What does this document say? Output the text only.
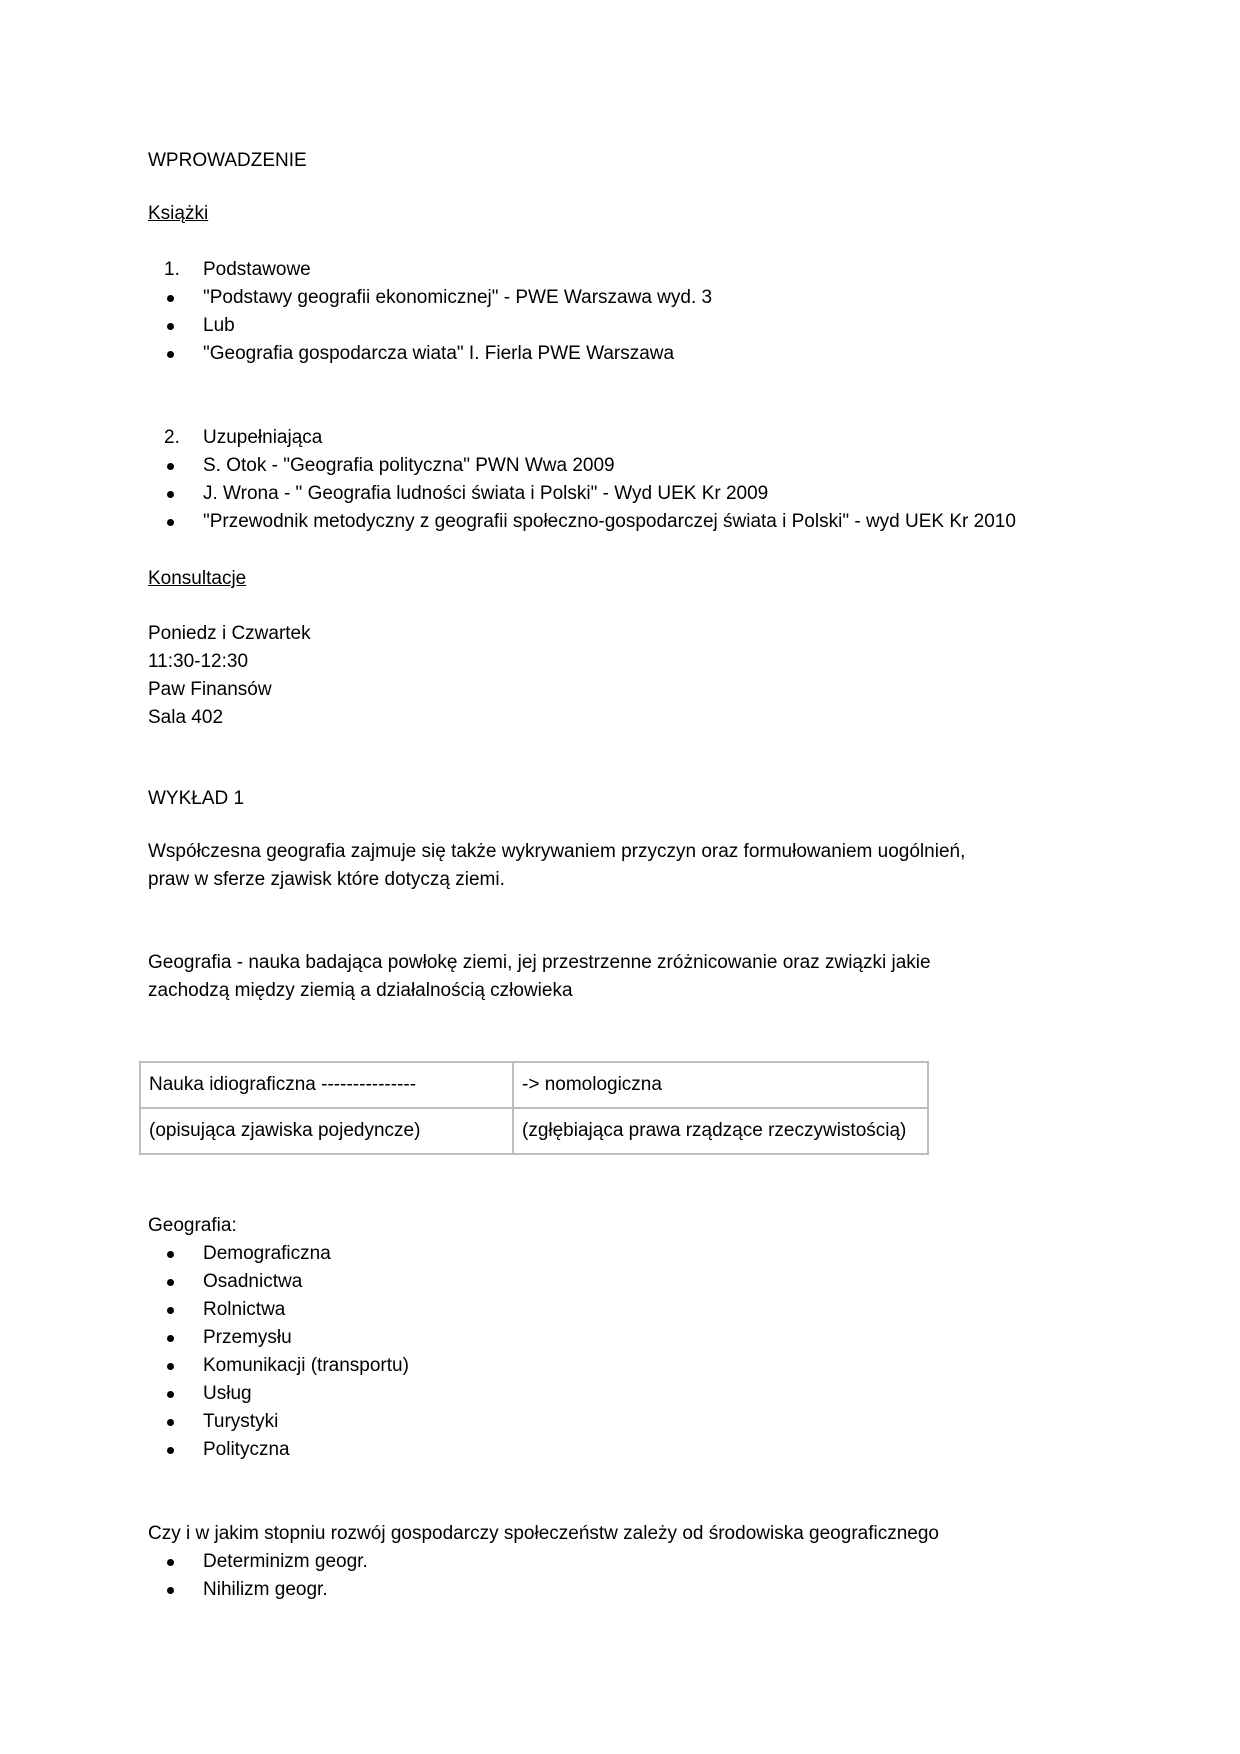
WPROWADZENIE
Książki
1. Podstawowe
"Podstawy geografii ekonomicznej" - PWE Warszawa wyd. 3
Lub
"Geografia gospodarcza wiata" I. Fierla PWE Warszawa
2. Uzupełniająca
S. Otok - "Geografia polityczna" PWN Wwa 2009
J. Wrona - " Geografia ludności świata i Polski" - Wyd UEK Kr 2009
"Przewodnik metodyczny z geografii społeczno-gospodarczej świata i Polski" - wyd UEK Kr 2010
Konsultacje
Poniedz i Czwartek
11:30-12:30
Paw Finansów
Sala 402
WYKŁAD 1
Współczesna geografia zajmuje się także wykrywaniem przyczyn oraz formułowaniem uogólnień,
praw w sferze zjawisk które dotyczą ziemi.
Geografia - nauka badająca powłokę ziemi, jej przestrzenne zróżnicowanie oraz związki jakie
zachodzą między ziemią a działalnością człowieka
Nauka idiograficzna ---------------	-> nomologiczna
(opisująca zjawiska pojedyncze)	(zgłębiająca prawa rządzące rzeczywistością)
Geografia:
Demograficzna
Osadnictwa
Rolnictwa
Przemysłu
Komunikacji (transportu)
Usług
Turystyki
Polityczna
Czy i w jakim stopniu rozwój gospodarczy społeczeństw zależy od środowiska geograficznego
Determinizm geogr.
Nihilizm geogr.
